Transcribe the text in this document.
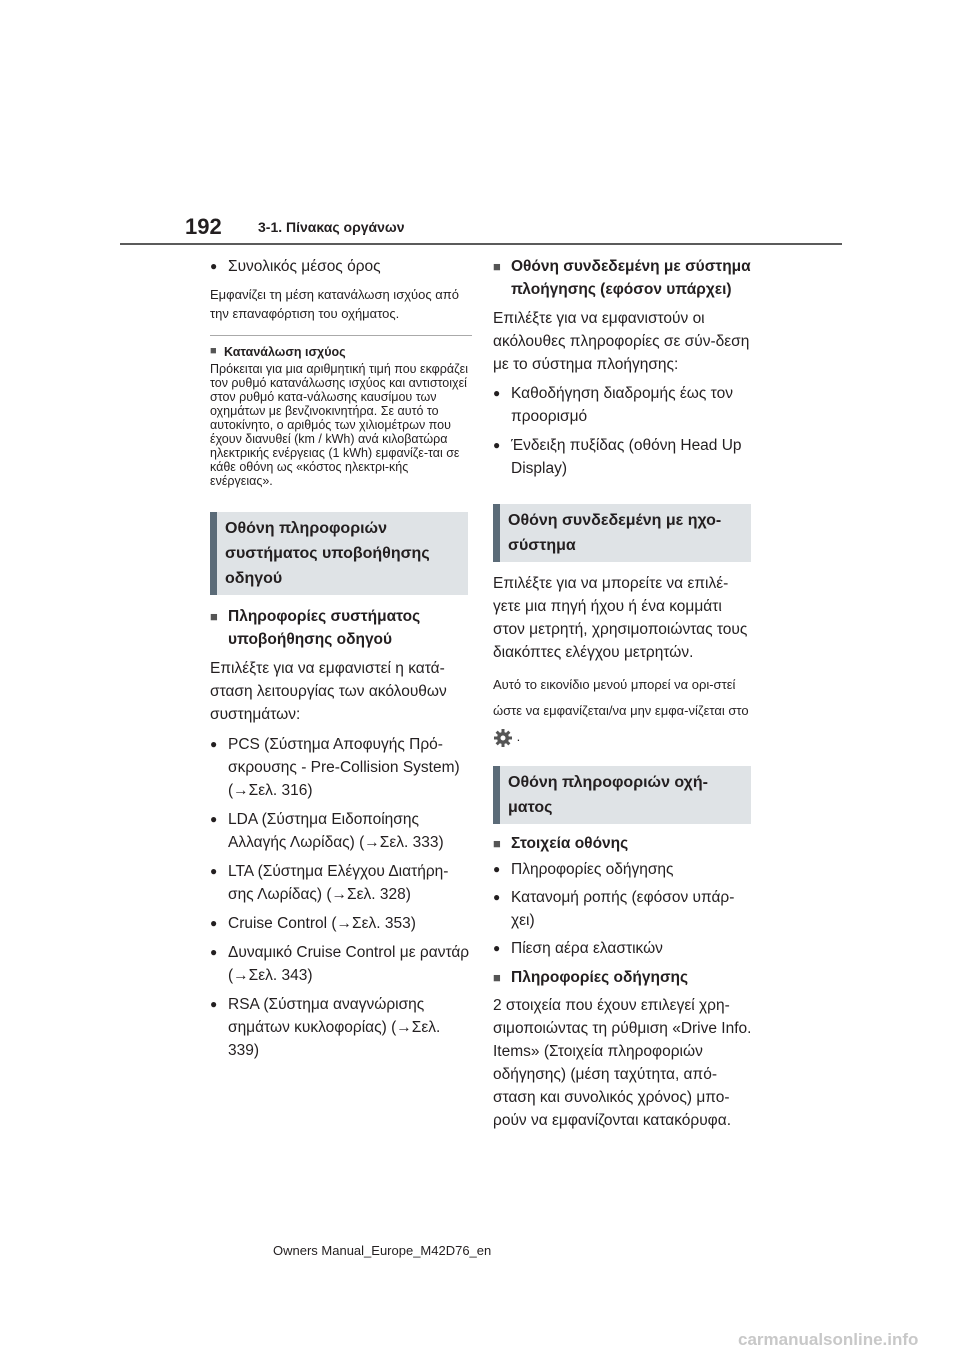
192	3-1. Πίνακας οργάνων

● Συνολικός μέσος όρος

Εμφανίζει τη μέση κατανάλωση ισχύος από την επαναφόρτιση του οχήματος.

■ Κατανάλωση ισχύος

Πρόκειται για μια αριθμητική τιμή που εκφράζει τον ρυθμό κατανάλωσης ισχύος και αντιστοιχεί στον ρυθμό κατα-νάλωσης καυσίμου των οχημάτων με βενζινοκινητήρα. Σε αυτό το αυτοκίνητο, ο αριθμός των χιλιομέτρων που έχουν διανυθεί (km / kWh) ανά κιλοβατώρα ηλεκτρικής ενέργειας (1 kWh) εμφανίζε-ται σε κάθε οθόνη ως «κόστος ηλεκτρι-κής ενέργειας».

Οθόνη πληροφοριών συστήματος υποβοήθησης οδηγού

■ Πληροφορίες συστήματος υποβοήθησης οδηγού

Επιλέξτε για να εμφανιστεί η κατά-σταση λειτουργίας των ακόλουθων συστημάτων:

● PCS (Σύστημα Αποφυγής Πρό-σκρουσης - Pre-Collision System) (→Σελ. 316)

● LDA (Σύστημα Ειδοποίησης Αλλαγής Λωρίδας) (→Σελ. 333)

● LTA (Σύστημα Ελέγχου Διατήρη-σης Λωρίδας) (→Σελ. 328)

● Cruise Control (→Σελ. 353)

● Δυναμικό Cruise Control με ραντάρ (→Σελ. 343)

● RSA (Σύστημα αναγνώρισης σημάτων κυκλοφορίας) (→Σελ. 339)

■ Οθόνη συνδεδεμένη με σύστημα πλοήγησης (εφόσον υπάρχει)

Επιλέξτε για να εμφανιστούν οι ακόλουθες πληροφορίες σε σύν-δεση με το σύστημα πλοήγησης:

● Καθοδήγηση διαδρομής έως τον προορισμό

● Ένδειξη πυξίδας (οθόνη Head Up Display)

Οθόνη συνδεδεμένη με ηχο-σύστημα

Επιλέξτε για να μπορείτε να επιλέ-γετε μια πηγή ήχου ή ένα κομμάτι στον μετρητή, χρησιμοποιώντας τους διακόπτες ελέγχου μετρητών.

Αυτό το εικονίδιο μενού μπορεί να ορι-στεί ώστε να εμφανίζεται/να μην εμφα-νίζεται στο  .

Οθόνη πληροφοριών οχή-ματος

■ Στοιχεία οθόνης

● Πληροφορίες οδήγησης

● Κατανομή ροπής (εφόσον υπάρ-χει)

● Πίεση αέρα ελαστικών

■ Πληροφορίες οδήγησης

2 στοιχεία που έχουν επιλεγεί χρη-σιμοποιώντας τη ρύθμιση «Drive Info. Items» (Στοιχεία πληροφοριών οδήγησης) (μέση ταχύτητα, από-σταση και συνολικός χρόνος) μπο-ρούν να εμφανίζονται κατακόρυφα.

Owners Manual_Europe_M42D76_en
carmanualsonline.info
